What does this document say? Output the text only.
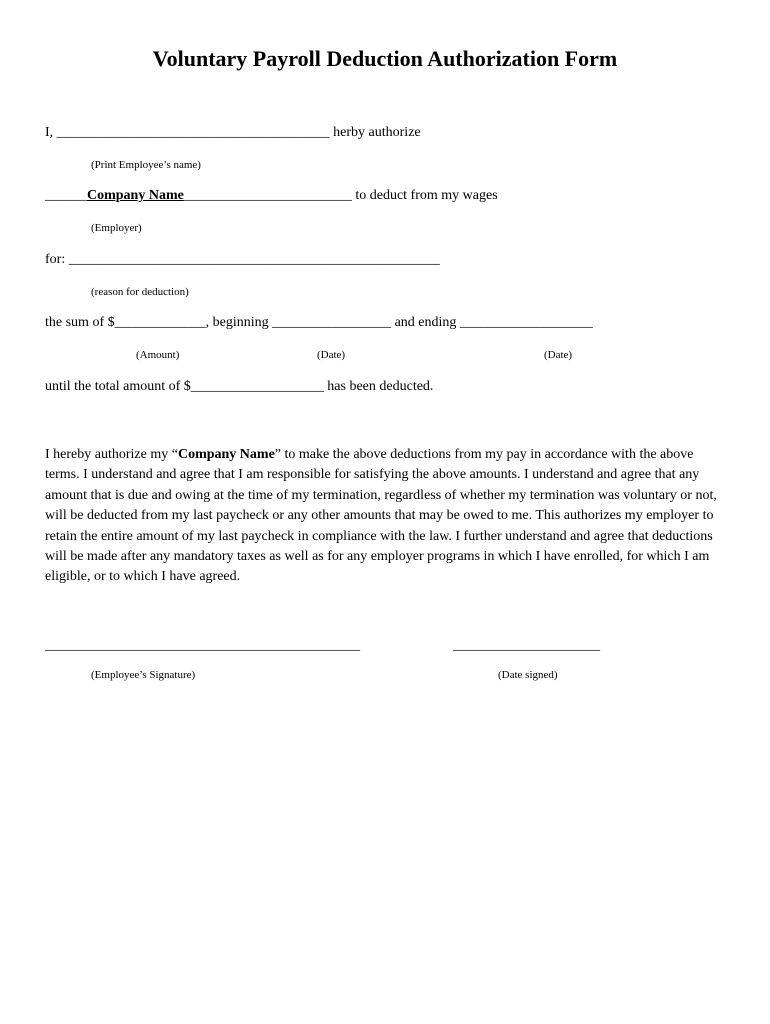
Voluntary Payroll Deduction Authorization Form
I, _______________________________________ herby authorize
(Print Employee’s name)
______Company Name________________________ to deduct from my wages
(Employer)
for: _____________________________________________________
(reason for deduction)
the sum of $_____________, beginning _________________ and ending ___________________
(Amount)	(Date)	(Date)
until the total amount of $___________________ has been deducted.

I hereby authorize my “Company Name” to make the above deductions from my pay in accordance with the above terms. I understand and agree that I am responsible for satisfying the above amounts. I understand and agree that any amount that is due and owing at the time of my termination, regardless of whether my termination was voluntary or not, will be deducted from my last paycheck or any other amounts that may be owed to me. This authorizes my employer to retain the entire amount of my last paycheck in compliance with the law. I further understand and agree that deductions will be made after any mandatory taxes as well as for any employer programs in which I have enrolled, for which I am eligible, or to which I have agreed.

_____________________________________________	_____________________
(Employee’s Signature)	(Date signed)
